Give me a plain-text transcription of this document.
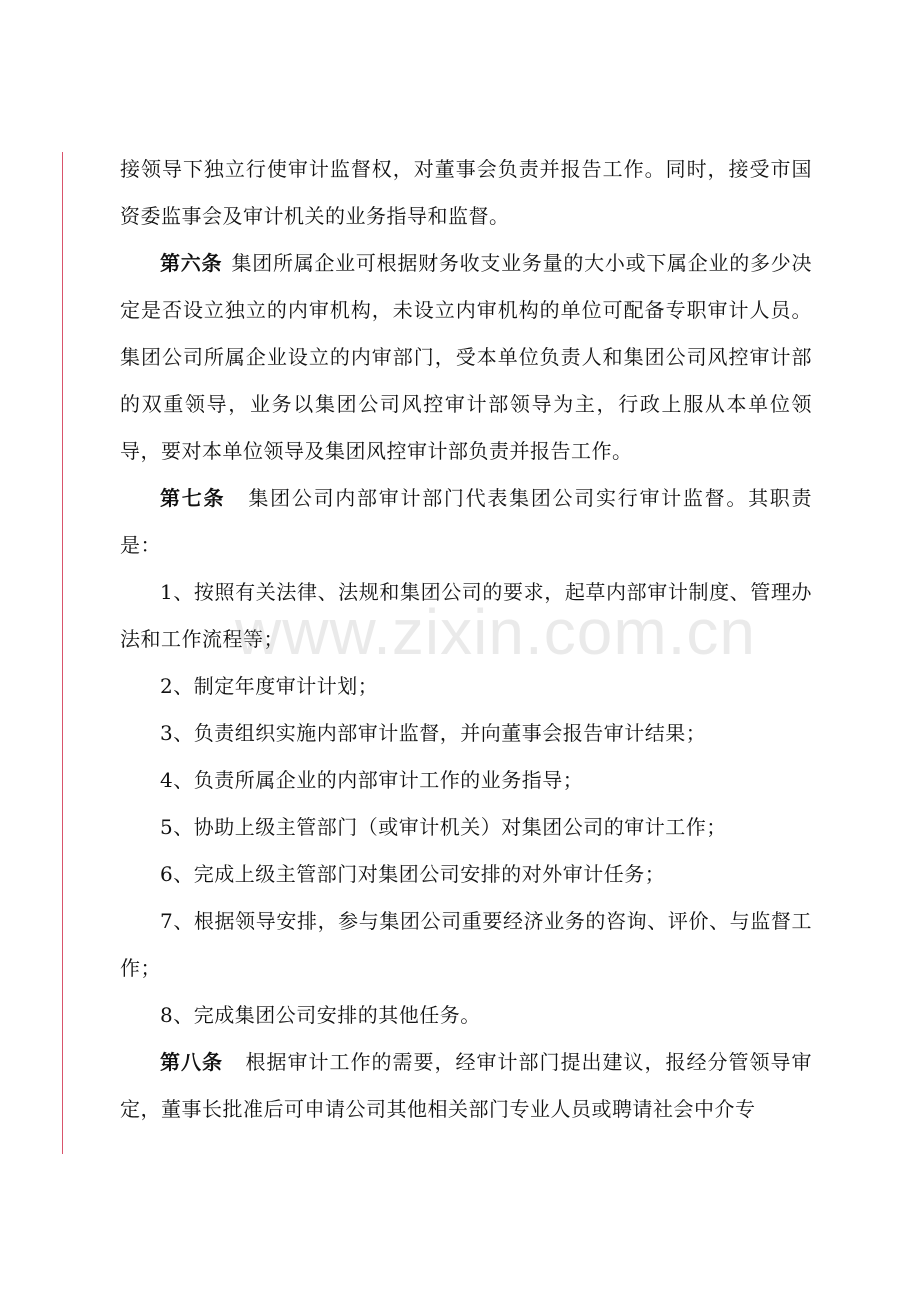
接领导下独立行使审计监督权，对董事会负责并报告工作。同时，接受市国资委监事会及审计机关的业务指导和监督。

第六条 集团所属企业可根据财务收支业务量的大小或下属企业的多少决定是否设立独立的内审机构，未设立内审机构的单位可配备专职审计人员。集团公司所属企业设立的内审部门，受本单位负责人和集团公司风控审计部的双重领导，业务以集团公司风控审计部领导为主，行政上服从本单位领导，要对本单位领导及集团风控审计部负责并报告工作。

第七条 集团公司内部审计部门代表集团公司实行审计监督。其职责是：

1、按照有关法律、法规和集团公司的要求，起草内部审计制度、管理办法和工作流程等；

2、制定年度审计计划；

3、负责组织实施内部审计监督，并向董事会报告审计结果；

4、负责所属企业的内部审计工作的业务指导；

5、协助上级主管部门（或审计机关）对集团公司的审计工作；

6、完成上级主管部门对集团公司安排的对外审计任务；

7、根据领导安排，参与集团公司重要经济业务的咨询、评价、与监督工作；

8、完成集团公司安排的其他任务。

第八条 根据审计工作的需要，经审计部门提出建议，报经分管领导审定，董事长批准后可申请公司其他相关部门专业人员或聘请社会中介专

www.zixin.com.cn
